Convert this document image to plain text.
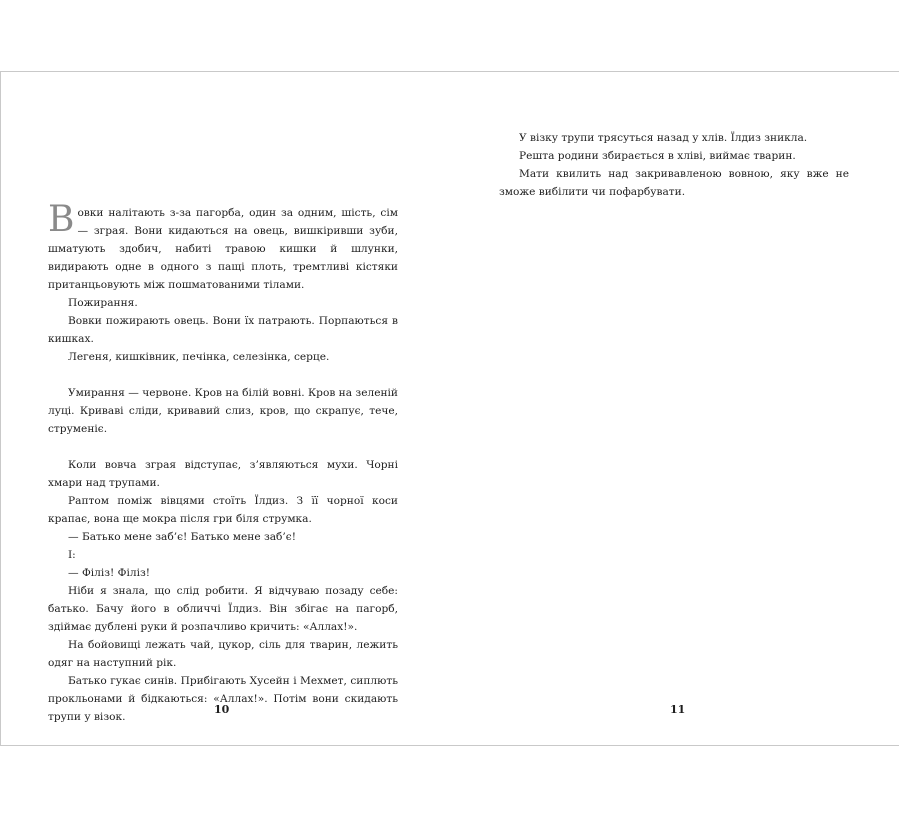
Вовки налітають з-за пагорба, один за одним, шість, сім — зграя. Вони кидаються на овець, вишкіривши зуби, шматують здобич, набиті травою кишки й шлунки, видирають одне в одного з пащі плоть, тремтливі кістяки пританцьовують між пошматованими тілами.

Пожирання.

Вовки пожирають овець. Вони їх патрають. Порпаються в кишках.

Легеня, кишківник, печінка, селезінка, серце.

Умирання — червоне. Кров на білій вовні. Кров на зеленій луці. Криваві сліди, кривавий слиз, кров, що скрапує, тече, струменіє.

Коли вовча зграя відступає, з’являються мухи. Чорні хмари над трупами.

Раптом поміж вівцями стоїть Їлдиз. З її чорної коси крапає, вона ще мокра після гри біля струмка.

— Батько мене заб’є! Батько мене заб’є!

І:

— Філіз! Філіз!

Ніби я знала, що слід робити. Я відчуваю позаду себе: батько. Бачу його в обличчі Їлдиз. Він збігає на пагорб, здіймає дублені руки й розпачливо кричить: «Аллах!».

На бойовищі лежать чай, цукор, сіль для тварин, лежить одяг на наступний рік.

Батько гукає синів. Прибігають Хусейн і Мехмет, сиплють прокльонами й бідкаються: «Аллах!». Потім вони скидають трупи у візок.

У візку трупи трясуться назад у хлів. Їлдиз зникла.

Решта родини збирається в хліві, виймає тварин.

Мати квилить над закривавленою вовною, яку вже не зможе вибілити чи пофарбувати.

10	11
